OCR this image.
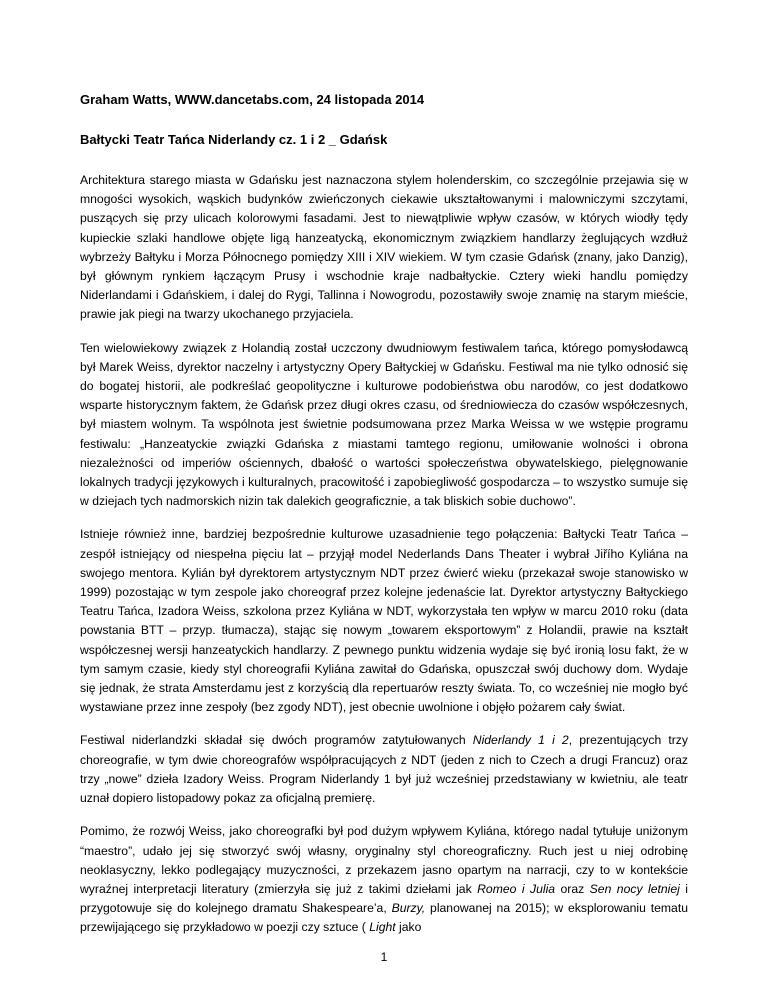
Graham Watts, WWW.dancetabs.com, 24 listopada 2014

Bałtycki Teatr Tańca Niderlandy cz. 1 i 2 _ Gdańsk

Architektura starego miasta w Gdańsku jest naznaczona stylem holenderskim, co szczególnie przejawia się w mnogości wysokich, wąskich budynków zwieńczonych ciekawie ukształtowanymi i malowniczymi szczytami, puszących się przy ulicach kolorowymi fasadami. Jest to niewątpliwie wpływ czasów, w których wiodły tędy kupieckie szlaki handlowe objęte ligą hanzeatycką, ekonomicznym związkiem handlarzy żeglujących wzdłuż wybrzeży Bałtyku i Morza Północnego pomiędzy XIII i XIV wiekiem. W tym czasie Gdańsk (znany, jako Danzig), był głównym rynkiem łączącym Prusy i wschodnie kraje nadbałtyckie. Cztery wieki handlu pomiędzy Niderlandami i Gdańskiem, i dalej do Rygi, Tallinna i Nowogrodu, pozostawiły swoje znamię na starym mieście, prawie jak piegi na twarzy ukochanego przyjaciela.

Ten wielowiekowy związek z Holandią został uczczony dwudniowym festiwalem tańca, którego pomysłodawcą był Marek Weiss, dyrektor naczelny i artystyczny Opery Bałtyckiej w Gdańsku. Festiwal ma nie tylko odnosić się do bogatej historii, ale podkreślać geopolityczne i kulturowe podobieństwa obu narodów, co jest dodatkowo wsparte historycznym faktem, że Gdańsk przez długi okres czasu, od średniowiecza do czasów współczesnych, był miastem wolnym. Ta wspólnota jest świetnie podsumowana przez Marka Weissa w we wstępie programu festiwalu: „Hanzeatyckie związki Gdańska z miastami tamtego regionu, umiłowanie wolności i obrona niezależności od imperiów ościennych, dbałość o wartości społeczeństwa obywatelskiego, pielęgnowanie lokalnych tradycji językowych i kulturalnych, pracowitość i zapobiegliwość gospodarcza – to wszystko sumuje się w dziejach tych nadmorskich nizin tak dalekich geograficznie, a tak bliskich sobie duchowo”.

Istnieje również inne, bardziej bezpośrednie kulturowe uzasadnienie tego połączenia: Bałtycki Teatr Tańca – zespół istniejący od niespełna pięciu lat – przyjął model Nederlands Dans Theater i wybrał Jiřího Kyliána na swojego mentora. Kylián był dyrektorem artystycznym NDT przez ćwierć wieku (przekazał swoje stanowisko w 1999) pozostając w tym zespole jako choreograf przez kolejne jedenaście lat. Dyrektor artystyczny Bałtyckiego Teatru Tańca, Izadora Weiss, szkolona przez Kyliána w NDT, wykorzystała ten wpływ w marcu 2010 roku (data powstania BTT – przyp. tłumacza), stając się nowym „towarem eksportowym” z Holandii, prawie na kształt współczesnej wersji hanzeatyckich handlarzy. Z pewnego punktu widzenia wydaje się być ironią losu fakt, że w tym samym czasie, kiedy styl choreografii Kyliána zawitał do Gdańska, opuszczał swój duchowy dom. Wydaje się jednak, że strata Amsterdamu jest z korzyścią dla repertuarów reszty świata. To, co wcześniej nie mogło być wystawiane przez inne zespoły (bez zgody NDT), jest obecnie uwolnione i objęło pożarem cały świat.

Festiwal niderlandzki składał się dwóch programów zatytułowanych Niderlandy 1 i 2, prezentujących trzy choreografie, w tym dwie choreografów współpracujących z NDT (jeden z nich to Czech a drugi Francuz) oraz trzy „nowe” dzieła Izadory Weiss. Program Niderlandy 1 był już wcześniej przedstawiany w kwietniu, ale teatr uznał dopiero listopadowy pokaz za oficjalną premierę.

Pomimo, że rozwój Weiss, jako choreografki był pod dużym wpływem Kyliána, którego nadal tytułuje uniżonym “maestro”, udało jej się stworzyć swój własny, oryginalny styl choreograficzny. Ruch jest u niej odrobinę neoklasyczny, lekko podlegający muzyczności, z przekazem jasno opartym na narracji, czy to w kontekście wyraźnej interpretacji literatury (zmierzyła się już z takimi dziełami jak Romeo i Julia oraz Sen nocy letniej i przygotowuje się do kolejnego dramatu Shakespeare’a, Burzy, planowanej na 2015); w eksplorowaniu tematu przewijającego się przykładowo w poezji czy sztuce ( Light jako

1
